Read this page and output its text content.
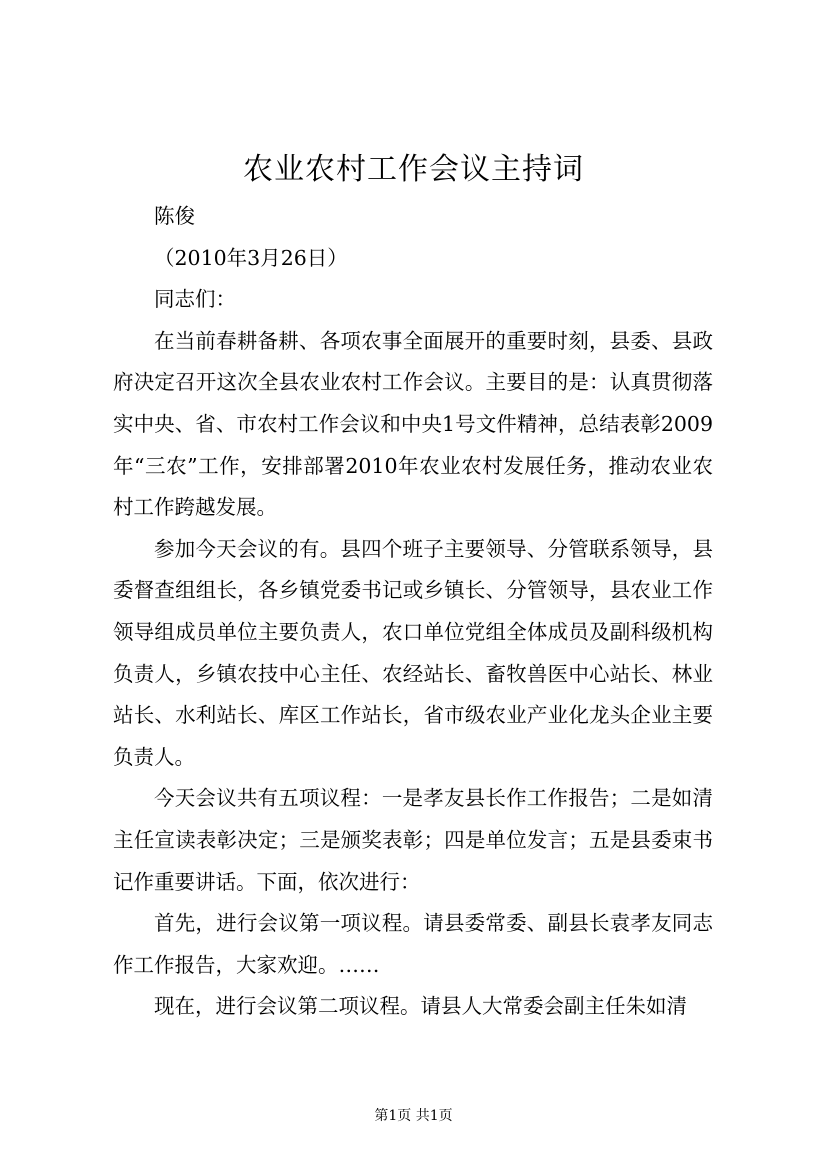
农业农村工作会议主持词

陈俊

（2010年3月26日）

同志们：

在当前春耕备耕、各项农事全面展开的重要时刻，县委、县政府决定召开这次全县农业农村工作会议。主要目的是：认真贯彻落实中央、省、市农村工作会议和中央1号文件精神，总结表彰2009年“三农”工作，安排部署2010年农业农村发展任务，推动农业农村工作跨越发展。

参加今天会议的有。县四个班子主要领导、分管联系领导，县委督查组组长，各乡镇党委书记或乡镇长、分管领导，县农业工作领导组成员单位主要负责人，农口单位党组全体成员及副科级机构负责人，乡镇农技中心主任、农经站长、畜牧兽医中心站长、林业站长、水利站长、库区工作站长，省市级农业产业化龙头企业主要负责人。

今天会议共有五项议程：一是孝友县长作工作报告；二是如清主任宣读表彰决定；三是颁奖表彰；四是单位发言；五是县委束书记作重要讲话。下面，依次进行：

首先，进行会议第一项议程。请县委常委、副县长袁孝友同志作工作报告，大家欢迎。……

现在，进行会议第二项议程。请县人大常委会副主任朱如清

第1页 共1页
